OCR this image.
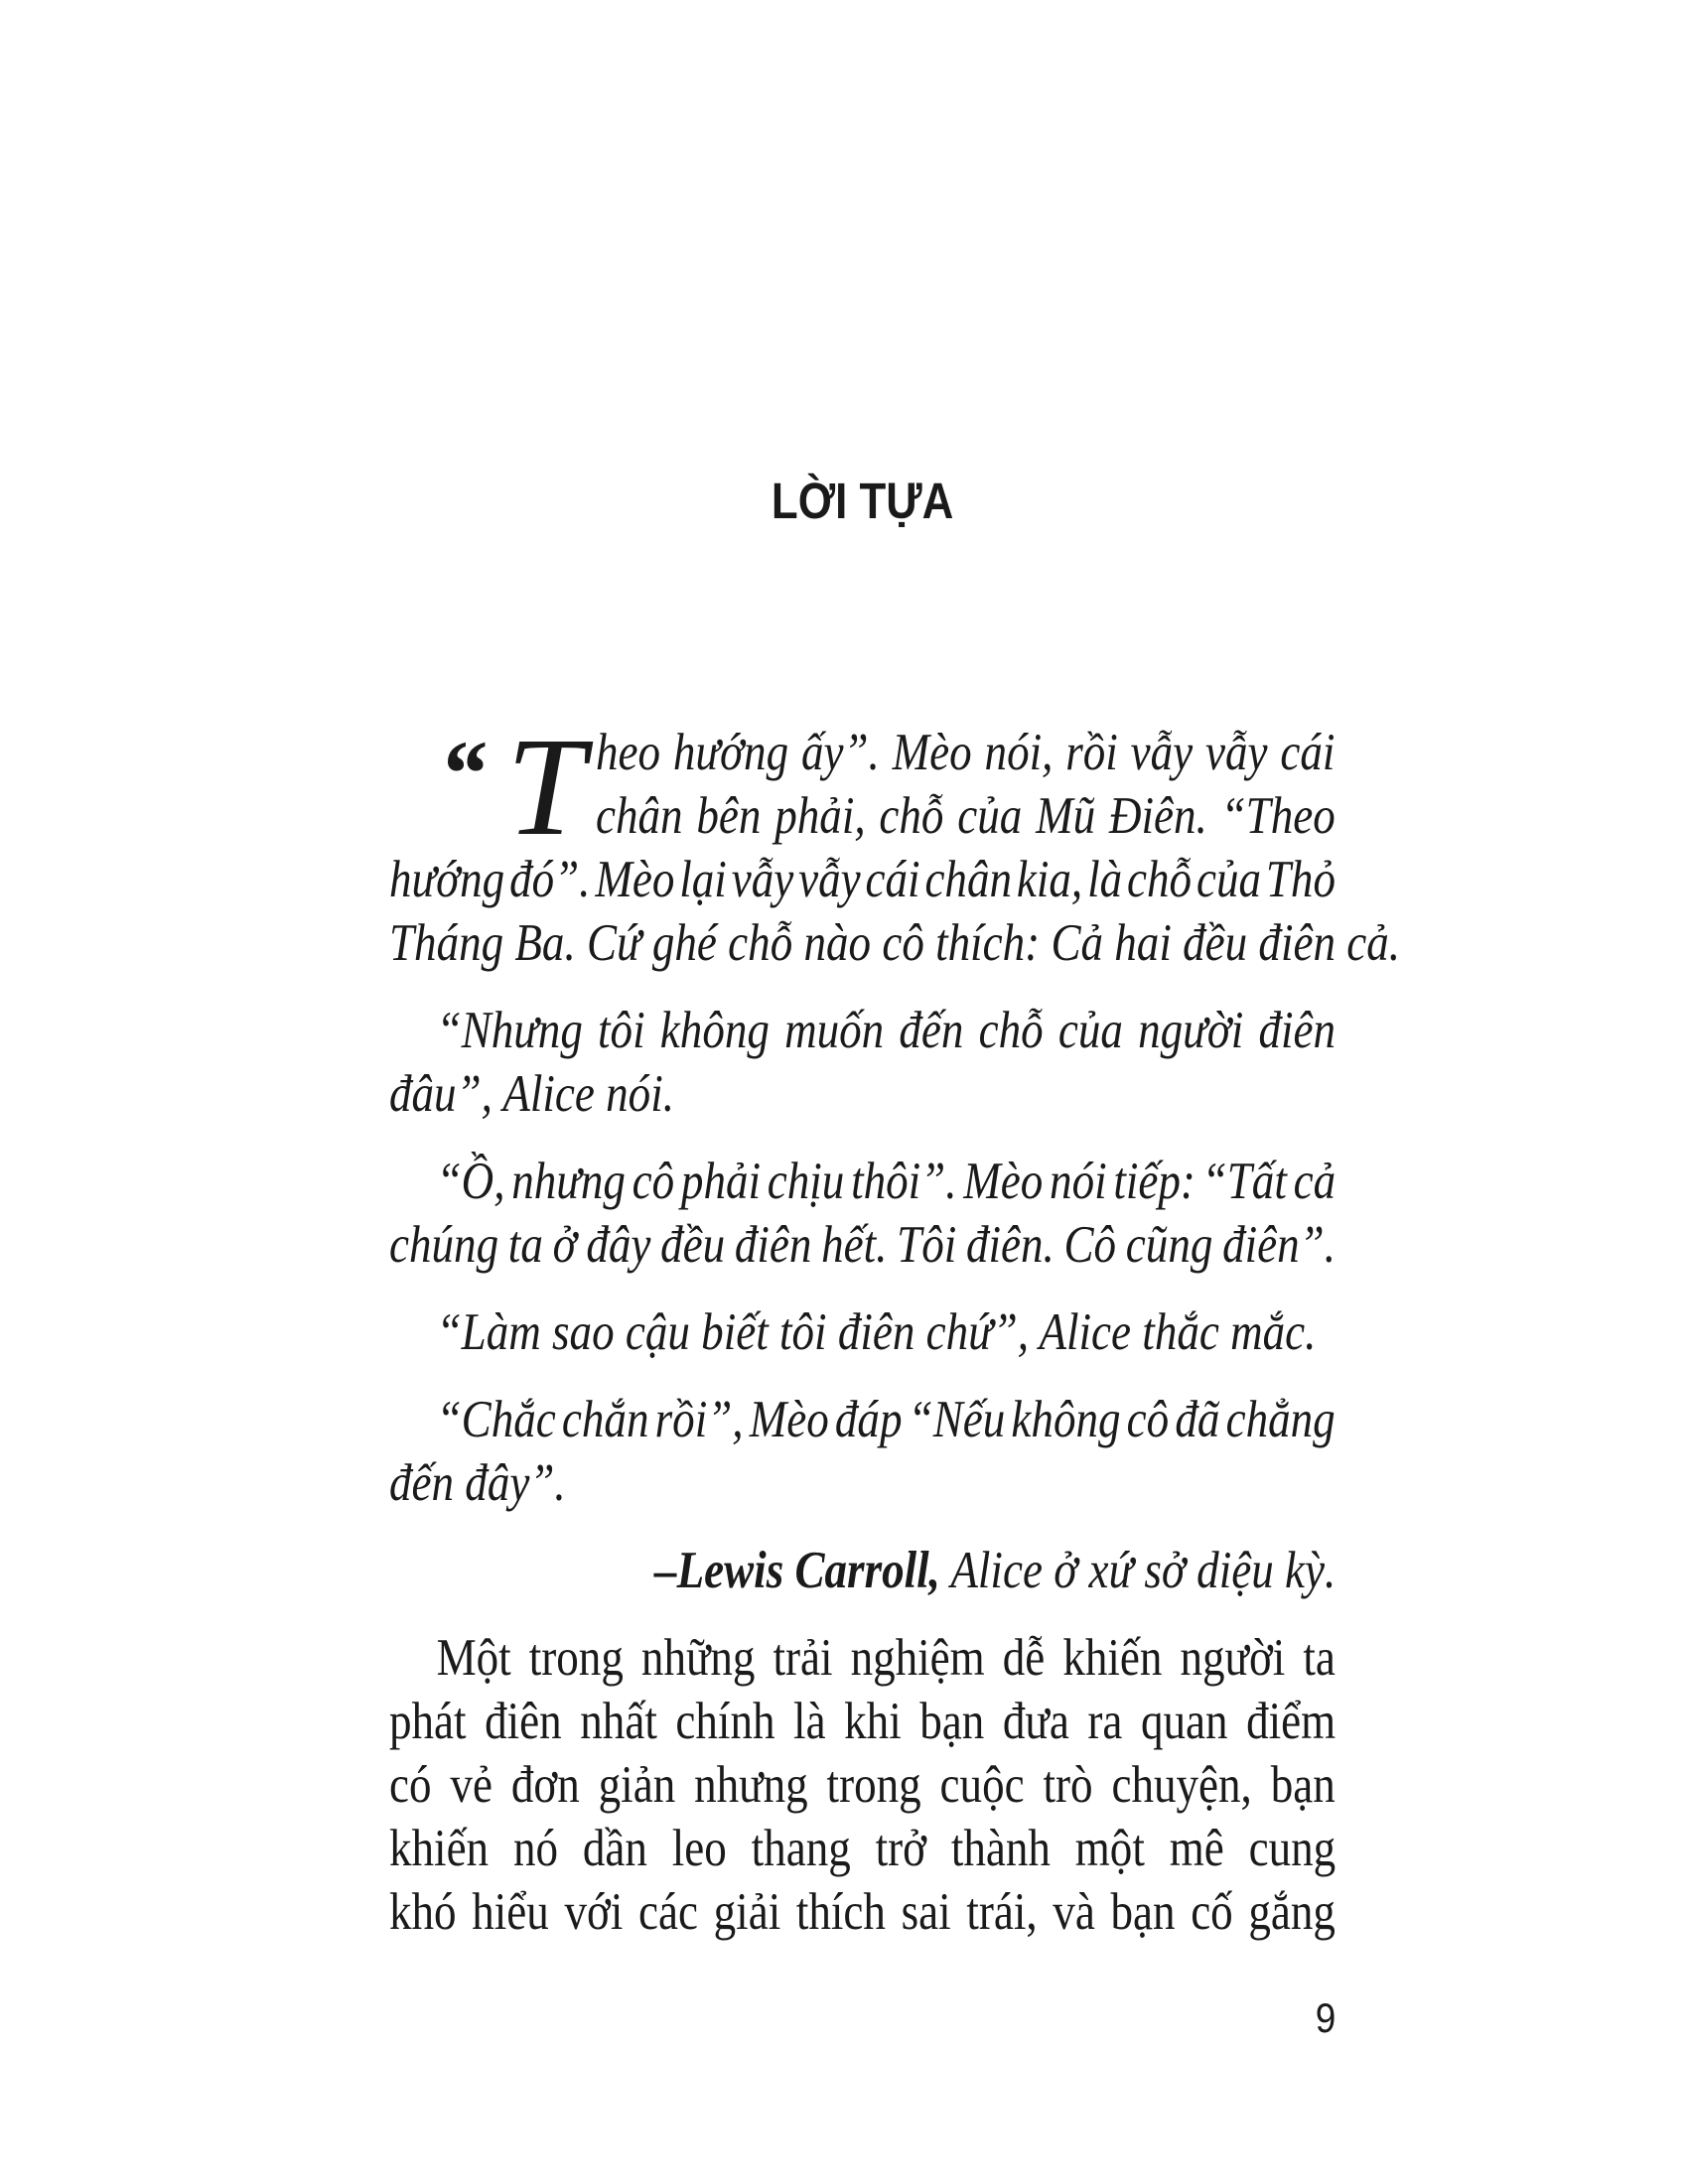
LỜI TỰA
“ T heo hướng ấy”. Mèo nói, rồi vẫy vẫy cái
chân bên phải, chỗ của Mũ Điên. “Theo
hướng đó”. Mèo lại vẫy vẫy cái chân kia, là chỗ của Thỏ
Tháng Ba. Cứ ghé chỗ nào cô thích: Cả hai đều điên cả.
“Nhưng tôi không muốn đến chỗ của người điên
đâu”, Alice nói.
“Ồ, nhưng cô phải chịu thôi”. Mèo nói tiếp: “Tất cả
chúng ta ở đây đều điên hết. Tôi điên. Cô cũng điên”.
“Làm sao cậu biết tôi điên chứ”, Alice thắc mắc.
“Chắc chắn rồi”, Mèo đáp “Nếu không cô đã chẳng
đến đây”.
–Lewis Carroll, Alice ở xứ sở diệu kỳ.
Một trong những trải nghiệm dễ khiến người ta
phát điên nhất chính là khi bạn đưa ra quan điểm
có vẻ đơn giản nhưng trong cuộc trò chuyện, bạn
khiến nó dần leo thang trở thành một mê cung
khó hiểu với các giải thích sai trái, và bạn cố gắng
9
